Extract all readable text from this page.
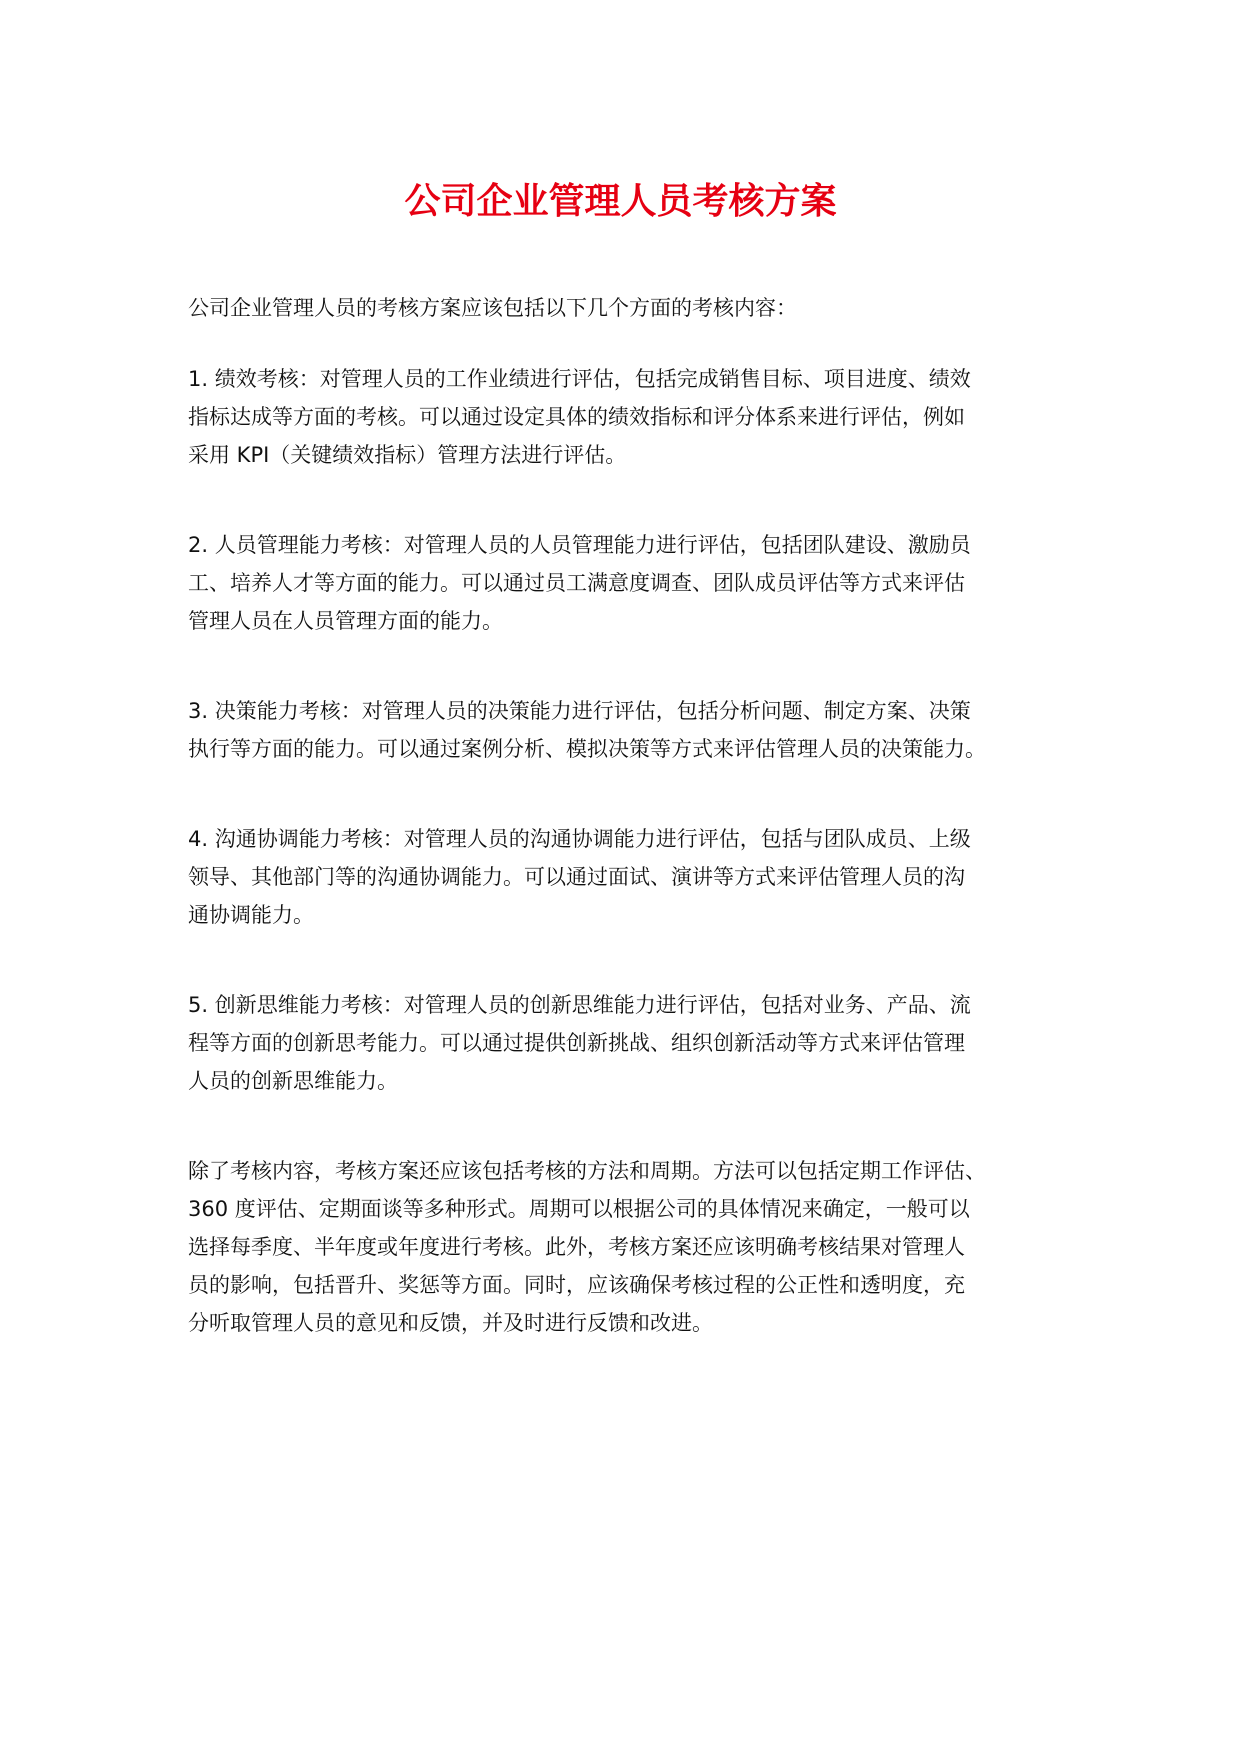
公司企业管理人员考核方案

公司企业管理人员的考核方案应该包括以下几个方面的考核内容：

1. 绩效考核：对管理人员的工作业绩进行评估，包括完成销售目标、项目进度、绩效
指标达成等方面的考核。可以通过设定具体的绩效指标和评分体系来进行评估，例如
采用 KPI（关键绩效指标）管理方法进行评估。

2. 人员管理能力考核：对管理人员的人员管理能力进行评估，包括团队建设、激励员
工、培养人才等方面的能力。可以通过员工满意度调查、团队成员评估等方式来评估
管理人员在人员管理方面的能力。

3. 决策能力考核：对管理人员的决策能力进行评估，包括分析问题、制定方案、决策
执行等方面的能力。可以通过案例分析、模拟决策等方式来评估管理人员的决策能力。

4. 沟通协调能力考核：对管理人员的沟通协调能力进行评估，包括与团队成员、上级
领导、其他部门等的沟通协调能力。可以通过面试、演讲等方式来评估管理人员的沟
通协调能力。

5. 创新思维能力考核：对管理人员的创新思维能力进行评估，包括对业务、产品、流
程等方面的创新思考能力。可以通过提供创新挑战、组织创新活动等方式来评估管理
人员的创新思维能力。

除了考核内容，考核方案还应该包括考核的方法和周期。方法可以包括定期工作评估、
360 度评估、定期面谈等多种形式。周期可以根据公司的具体情况来确定，一般可以
选择每季度、半年度或年度进行考核。此外，考核方案还应该明确考核结果对管理人
员的影响，包括晋升、奖惩等方面。同时，应该确保考核过程的公正性和透明度，充
分听取管理人员的意见和反馈，并及时进行反馈和改进。
